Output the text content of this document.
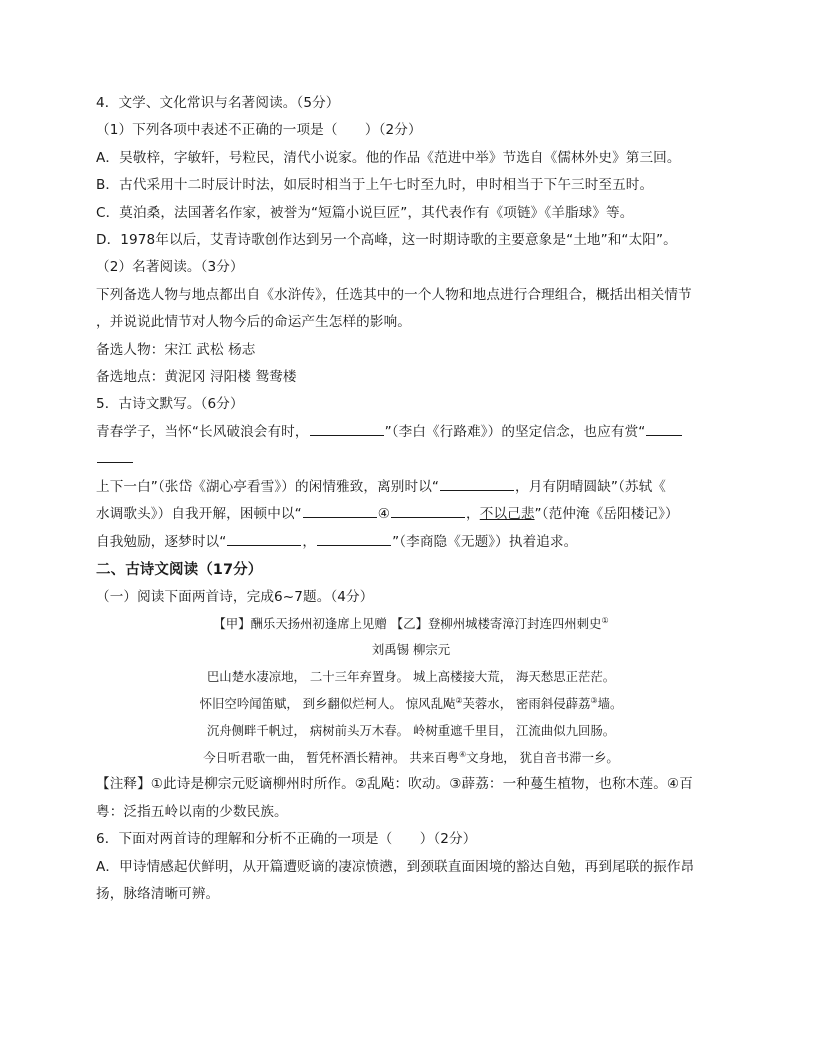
4．文学、文化常识与名著阅读。（5分）
（1）下列各项中表述不正确的一项是（　　）（2分）
A．吴敬梓，字敏轩，号粒民，清代小说家。他的作品《范进中举》节选自《儒林外史》第三回。
B．古代采用十二时辰计时法，如辰时相当于上午七时至九时，申时相当于下午三时至五时。
C．莫泊桑，法国著名作家，被誉为“短篇小说巨匠”，其代表作有《项链》《羊脂球》等。
D．1978年以后，艾青诗歌创作达到另一个高峰，这一时期诗歌的主要意象是“土地”和“太阳”。
（2）名著阅读。（3分）
下列备选人物与地点都出自《水浒传》，任选其中的一个人物和地点进行合理组合，概括出相关情节
，并说说此情节对人物今后的命运产生怎样的影响。
备选人物：宋江 武松 杨志
备选地点：黄泥冈 浔阳楼 鸳鸯楼
5．古诗文默写。（6分）
青春学子，当怀“长风破浪会有时，	”（李白《行路难》）的坚定信念，也应有赏“
上下一白”（张岱《湖心亭看雪》）的闲情雅致，离别时以“	，月有阴晴圆缺”（苏轼《
水调歌头》）自我开解，困顿中以“	④	，不以己悲”（范仲淹《岳阳楼记》）
自我勉励，逐梦时以“	，	”（李商隐《无题》）执着追求。
二、古诗文阅读（17分）
（一）阅读下面两首诗，完成6~7题。（4分）
【甲】酬乐天扬州初逢席上见赠 【乙】登柳州城楼寄漳汀封连四州刺史①
刘禹锡 柳宗元
巴山楚水凄凉地， 二十三年弃置身。 城上高楼接大荒， 海天愁思正茫茫。
怀旧空吟闻笛赋， 到乡翻似烂柯人。 惊风乱飐②芙蓉水， 密雨斜侵薜荔③墙。
沉舟侧畔千帆过， 病树前头万木春。 岭树重遮千里目， 江流曲似九回肠。
今日听君歌一曲， 暂凭杯酒长精神。 共来百粤④文身地， 犹自音书滞一乡。
【注释】①此诗是柳宗元贬谪柳州时所作。②乱飐：吹动。③薜荔：一种蔓生植物，也称木莲。④百
粤：泛指五岭以南的少数民族。
6．下面对两首诗的理解和分析不正确的一项是（　　）（2分）
A．甲诗情感起伏鲜明，从开篇遭贬谪的凄凉愤懑，到颈联直面困境的豁达自勉，再到尾联的振作昂
扬，脉络清晰可辨。
